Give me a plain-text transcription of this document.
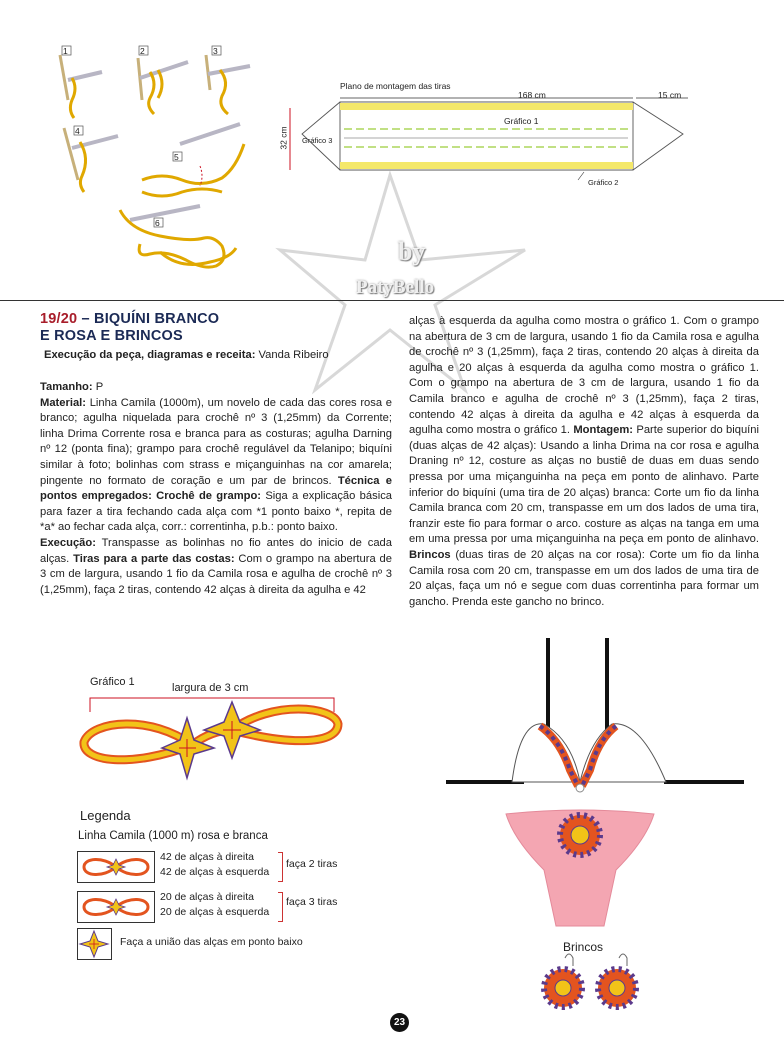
1	2	3
4
5
6
Plano de montagem das tiras
168 cm	15 cm
32 cm
Gráfico 1
Gráfico 3
Gráfico 2
by
PatyBello
19/20 – BIQUÍNI BRANCO
E ROSA E BRINCOS
Execução da peça, diagramas e receita: Vanda Ribeiro

Tamanho: P

Material: Linha Camila (1000m), um novelo de cada das cores rosa e branco; agulha niquelada para crochê nº 3 (1,25mm) da Corrente; linha Drima Corrente rosa e branca para as costuras; agulha Darning nº 12 (ponta fina); grampo para crochê regulável da Telanipo; biquíni similar à foto; bolinhas com strass e miçanguinhas na cor amarela; pingente no formato de coração e um par de brincos. Técnica e pontos empregados: Crochê de grampo: Siga a explicação básica para fazer a tira fechando cada alça com *1 ponto baixo *, repita de *a* ao fechar cada alça, corr.: correntinha, p.b.: ponto baixo.

Execução: Transpasse as bolinhas no fio antes do inicio de cada alças. Tiras para a parte das costas: Com o grampo na abertura de 3 cm de largura, usando 1 fio da Camila rosa e agulha de crochê nº 3 (1,25mm), faça 2 tiras, contendo 42 alças à direita da agulha e 42

alças à esquerda da agulha como mostra o gráfico 1. Com o grampo na abertura de 3 cm de largura, usando 1 fio da Camila rosa e agulha de crochê nº 3 (1,25mm), faça 2 tiras, contendo 20 alças à direita da agulha e 20 alças à esquerda da agulha como mostra o gráfico 1. Com o grampo na abertura de 3 cm de largura, usando 1 fio da Camila branco e agulha de crochê nº 3 (1,25mm), faça 2 tiras, contendo 42 alças à direita da agulha e 42 alças à esquerda da agulha como mostra o gráfico 1. Montagem: Parte superior do biquíni (duas alças de 42 alças): Usando a linha Drima na cor rosa e agulha Draning nº 12, costure as alças no bustiê de duas em duas sendo pressa por uma miçanguinha na peça em ponto de alinhavo. Parte inferior do biquíni (uma tira de 20 alças) branca: Corte um fio da linha Camila branca com 20 cm, transpasse em um dos lados de uma tira, franzir este fio para formar o arco. costure as alças na tanga em uma em uma pressa por uma miçanguinha na peça em ponto de alinhavo. Brincos (duas tiras de 20 alças na cor rosa): Corte um fio da linha Camila rosa com 20 cm, transpasse em um dos lados de uma tira de 20 alças, faça um nó e segue com duas correntinha para formar um gancho. Prenda este gancho no brinco.

Gráfico 1	largura de 3 cm
Legenda
Linha Camila (1000 m) rosa e branca
42 de alças à direita
42 de alças à esquerda
faça 2 tiras
20 de alças à direita
20 de alças à esquerda
faça 3 tiras
Faça a união das alças em ponto baixo	Brincos
23
